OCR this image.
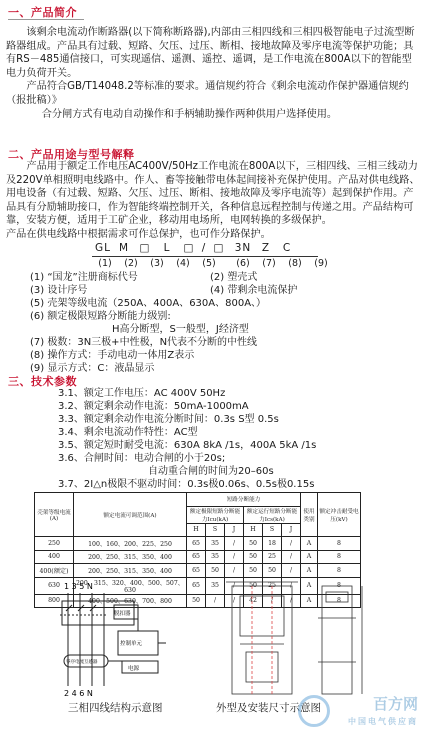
一、产品简介

该剩余电流动作断路器(以下简称断路器),内部由三相四线和三相四极智能电子过流型断路器组成。产品具有过载、短路、欠压、过压、断相、接地故障及零序电流等保护功能；具有RS－485通信接口，可实现遥信、遥测、遥控、遥调，是工作电流在800A以下的智能型电力负荷开关。

产品符合GB/T14048.2等标准的要求。通信规约符合《剩余电流动作保护器通信规约（报批稿）》

合分闸方式有电动自动操作和手柄辅助操作两种供用户选择使用。

二、产品用途与型号解释

产品用于额定工作电压AC400V/50Hz工作电流在800A以下，三相四线、三相三线动力及220V单相照明电线路中。作人、畜等接触带电体起间接补充保护使用。产品对供电线路、用电设备（有过载、短路、欠压、过压、断相、接地故障及零序电流等）起到保护作用。产品具有分励辅助接口，作为智能终端控制开关，各种信息远程控制与传递之用。产品结构可靠，安装方便，适用于工矿企业，移动用电场所，电网转换的多级保护。

产品在供电线路中根据需求可作总保护，也可作分路保护。

GL M □ L □ / □ 3N Z C
(1) (2) (3) (4) (5) (6) (7) (8) (9)
(1) “国龙”注册商标代号	(2) 塑壳式
(3) 设计序号	(4) 带剩余电流保护
(5) 壳架等级电流（250A、400A、630A、800A、）
(6) 额定极限短路分断能力级别:
H高分断型，S一般型，J经济型
(7) 极数：3N三极+中性极，N代表不分断的中性线
(8) 操作方式：手动电动一体用Z表示
(9) 显示方式：C：液晶显示
三、技术参数
3.1、额定工作电压：AC 400V 50Hz
3.2、额定剩余动作电流：50mA-1000mA
3.3、额定剩余动作电流分断时间：0.3s S型 0.5s
3.4、剩余电流动作特性：AC型
3.5、额定短时耐受电流：630A 8kA /1s，400A 5kA /1s
3.6、合闸时间：电动合闸的小于20s;
自动重合闸的时间为20–60s
3.7、2I△n极限不驱动时间：0.3s极0.06s、0.5s极0.15s
壳架等级电流(A)	额定电流可调范围(A)	短路分断能力						使用类别	额定冲击耐受电压(kV)
		额定极限短路分断能力Icu(kA)			额定运行短路分断能力Ics(kA)				
		H	S	J	H	S	J		
250	100、160、200、225、250	65	35	/	50	18	/	A	8
400	200、250、315、350、400	65	35	/	50	25	/	A	8
400(额定)	200、250、315、350、400	65	50	/	50	50	/	A	8
630	200、315、320、400、500、507、630	65	35	/	50	25	/	A	8
800	400、500、630、700、800	50	/	/	42	/	/	A	8
1 3 5 N
脱扣器
控制单元
零序电流互感器
电源
2 4 6 N
三相四线结构示意图	外型及安装尺寸示意图	百方网
中国电气供应商
